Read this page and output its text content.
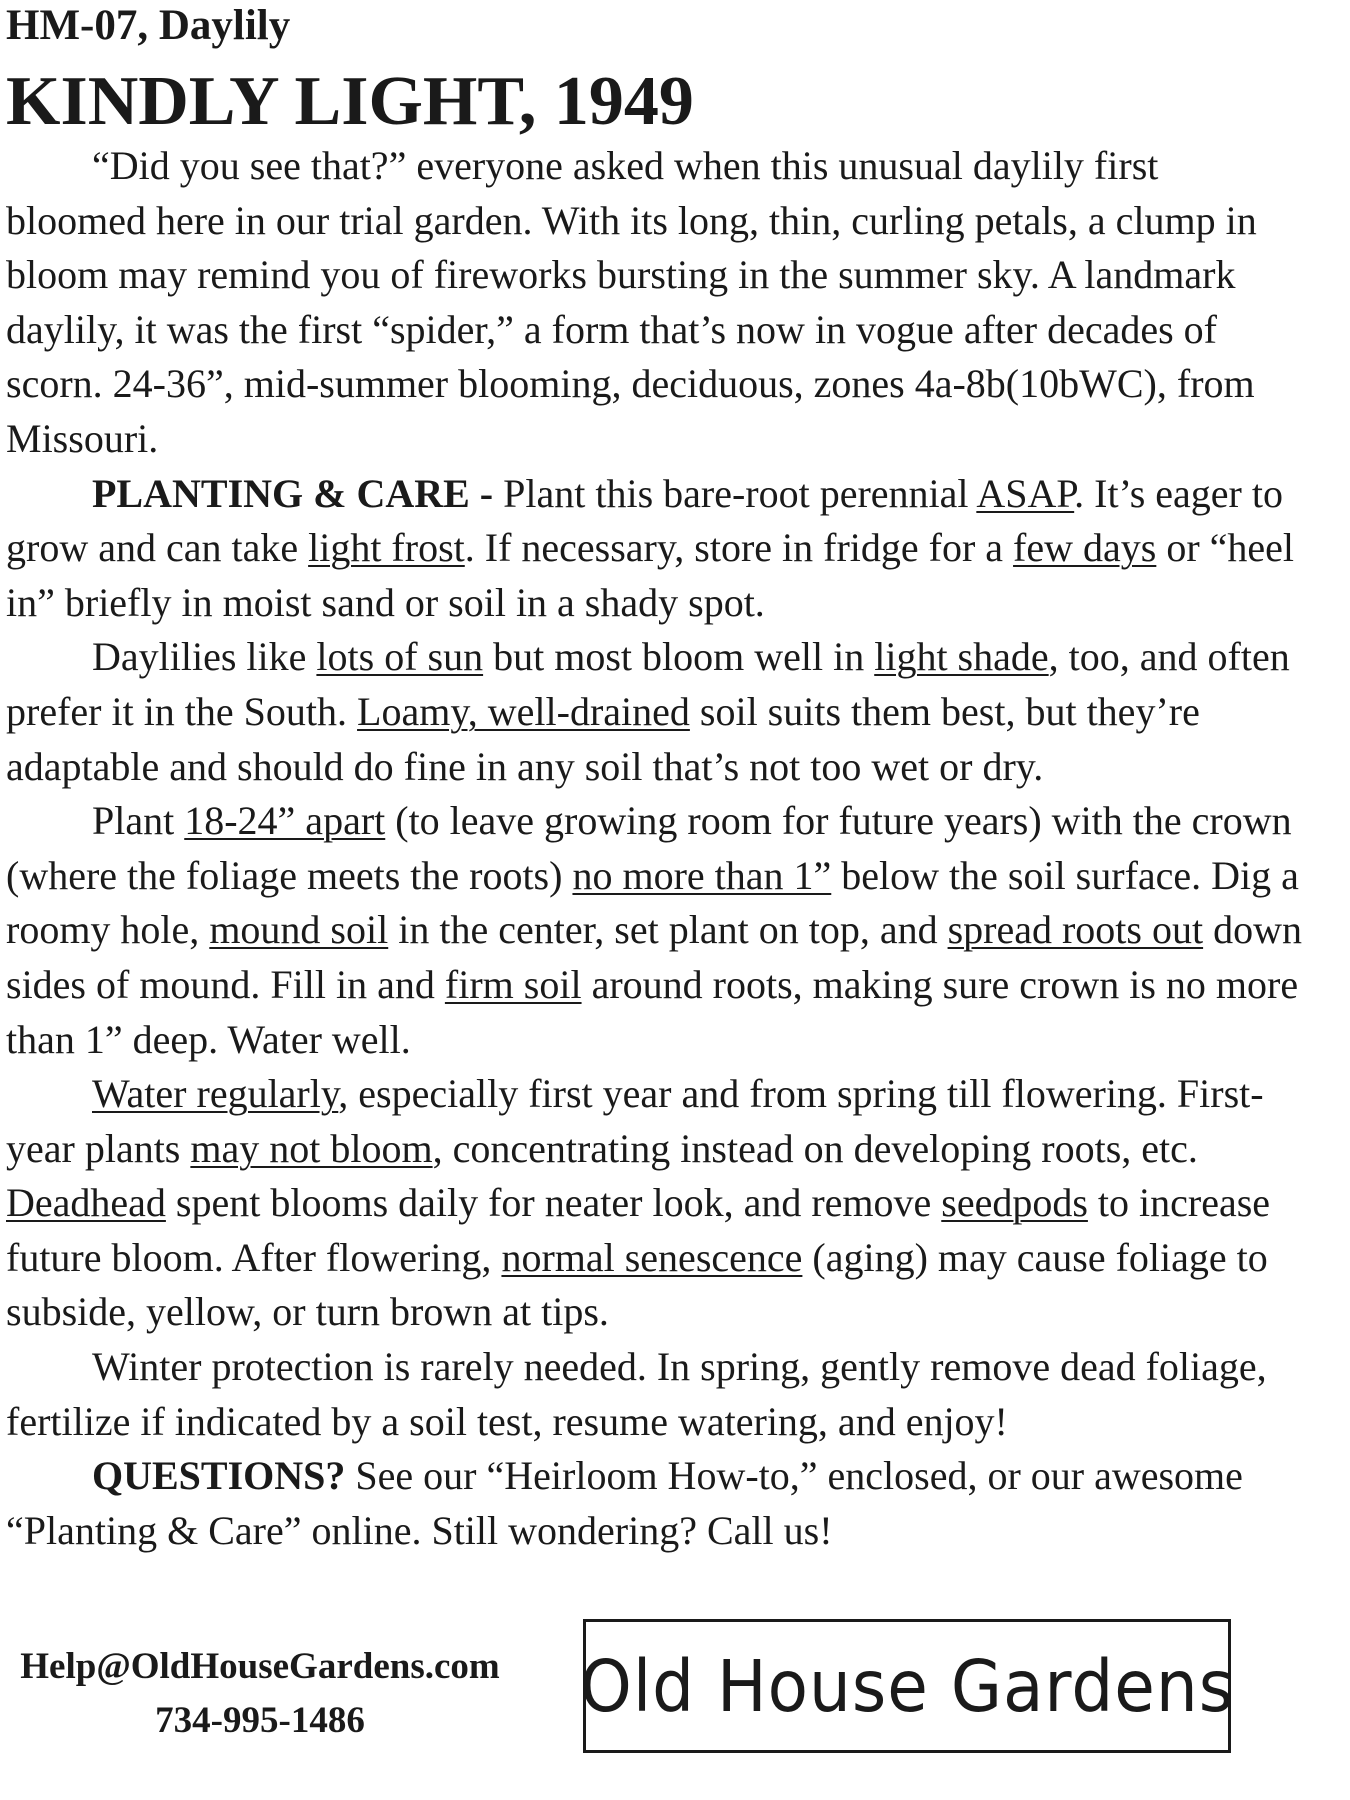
HM-07, Daylily
KINDLY LIGHT, 1949

“Did you see that?” everyone asked when this unusual daylily first bloomed here in our trial garden. With its long, thin, curling petals, a clump in bloom may remind you of fireworks bursting in the summer sky. A landmark daylily, it was the first “spider,” a form that’s now in vogue after decades of scorn. 24-36”, mid-summer blooming, deciduous, zones 4a-8b(10bWC), from Missouri.

PLANTING & CARE - Plant this bare-root perennial ASAP. It’s eager to grow and can take light frost. If necessary, store in fridge for a few days or “heel in” briefly in moist sand or soil in a shady spot.

Daylilies like lots of sun but most bloom well in light shade, too, and often prefer it in the South. Loamy, well-drained soil suits them best, but they’re adaptable and should do fine in any soil that’s not too wet or dry.

Plant 18-24” apart (to leave growing room for future years) with the crown (where the foliage meets the roots) no more than 1” below the soil surface. Dig a roomy hole, mound soil in the center, set plant on top, and spread roots out down sides of mound. Fill in and firm soil around roots, making sure crown is no more than 1” deep. Water well.

Water regularly, especially first year and from spring till flowering. First-year plants may not bloom, concentrating instead on developing roots, etc. Deadhead spent blooms daily for neater look, and remove seedpods to increase future bloom. After flowering, normal senescence (aging) may cause foliage to subside, yellow, or turn brown at tips.

Winter protection is rarely needed. In spring, gently remove dead foliage, fertilize if indicated by a soil test, resume watering, and enjoy!

QUESTIONS? See our “Heirloom How-to,” enclosed, or our awesome “Planting & Care” online. Still wondering? Call us!

Help@OldHouseGardens.com
734-995-1486	Old House Gardens
